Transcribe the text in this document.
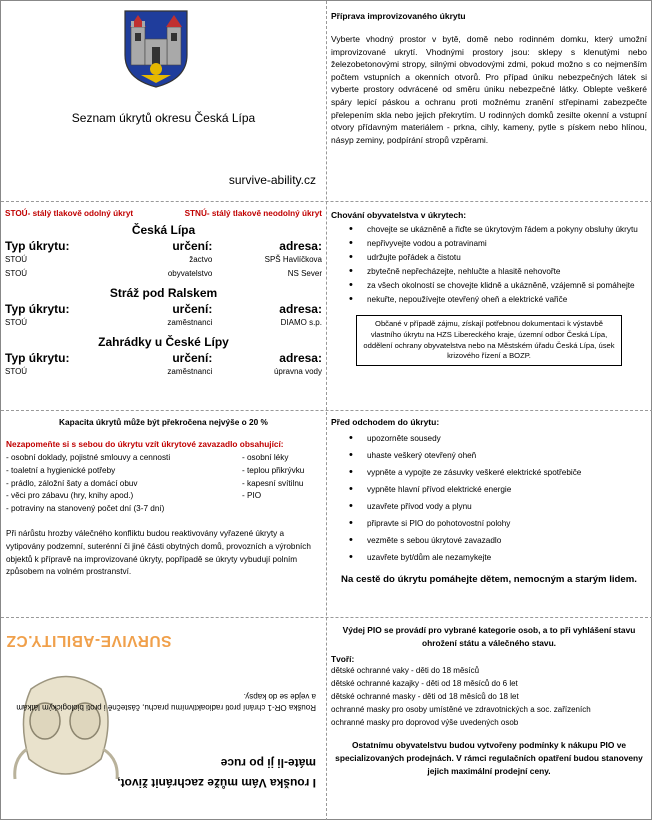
Seznam úkrytů okresu Česká Lípa
survive-ability.cz
Příprava improvizovaného úkrytu

Vyberte vhodný prostor v bytě, domě nebo rodinném domku, který umožní improvizované ukrytí. Vhodnými prostory jsou: sklepy s klenutými nebo železobetonovými stropy, silnými obvodovými zdmi, pokud možno s co nejmenším počtem vstupních a okenních otvorů. Pro případ úniku nebezpečných látek si vyberte prostory odvrácené od směru úniku nebezpečné látky. Oblepte veškeré spáry lepicí páskou a ochranu proti možnému zranění střepinami zabezpečte přelepením skla nebo jejich překrytím. U rodinných domků zesilte okenní a vstupní otvory přídavným materiálem - prkna, cihly, kameny, pytle s pískem nebo hlínou, násyp zeminy, podpírání stropů vzpěrami.

STOÚ- stálý tlakově odolný úkryt	STNÚ- stálý tlakově neodolný úkryt
Česká Lípa
Typ úkrytu:	určení:	adresa:
STOÚ	žactvo	SPŠ Havlíčkova
STOÚ	obyvatelstvo	NS Sever
Stráž pod Ralskem
Typ úkrytu:	určení:	adresa:
STOÚ	zaměstnanci	DIAMO s.p.
Zahrádky u České Lípy
Typ úkrytu:	určení:	adresa:
STOÚ	zaměstnanci	úpravna vody
Chování obyvatelstva v úkrytech:
• chovejte se ukázněně a řiďte se úkrytovým řádem a pokyny obsluhy úkrytu
• nepřivyvejte vodou a potravinami
• udržujte pořádek a čistotu
• zbytečně nepřecházejte, nehlučte a hlasitě nehovořte
• za všech okolností se chovejte klidně a ukázněně, vzájemně si pomáhejte
• nekuřte, nepoužívejte otevřený oheň a elektrické vařiče
Občané v případě zájmu, získají potřebnou dokumentaci k výstavbě vlastního úkrytu na HZS Libereckého kraje, územní odbor Česká Lípa, oddělení ochrany obyvatelstva nebo na Městském úřadu Česká Lípa, úsek krizového řízení a BOZP.
Kapacita úkrytů může být překročena nejvýše o 20 %
Nezapomeňte si s sebou do úkrytu vzít úkrytové zavazadlo obsahující:
- osobní doklady, pojistné smlouvy a cennosti	- osobní léky
- toaletní a hygienické potřeby	- teplou přikrývku
- prádlo, záložní šaty a domácí obuv	- kapesní svítilnu
- věci pro zábavu (hry, knihy apod.)	- PIO
- potraviny na stanovený počet dní (3-7 dní)
Při nárůstu hrozby válečného konfliktu budou reaktivovány vyřazené úkryty a vytipovány podzemní, suterénní či jiné části obytných domů, provozních a výrobních objektů k přípravě na improvizované úkryty, popřípadě se úkryty vybudují polním způsobem na volném prostranství.
Před odchodem do úkrytu:
• upozorněte sousedy
• uhaste veškerý otevřený oheň
• vypněte a vypojte ze zásuvky veškeré elektrické spotřebiče
• vypněte hlavní přívod elektrické energie
• uzavřete přívod vody a plynu
• připravte si PIO do pohotovostní polohy
• vezměte s sebou úkrytové zavazadlo
• uzavřete byt/dům ale nezamykejte
Na cestě do úkrytu pomáhejte dětem, nemocným a starým lidem.
I rouška Vám může zachránit život,
máte-li ji po ruce
Rouška OR-1 chrání proti radioaktivnímu prachu, částečně i proti biologickým látkám a vejde se do kapsy.
SURVIVE-ABILITY.CZ
Výdej PIO se provádí pro vybrané kategorie osob, a to při vyhlášení stavu ohrožení státu a válečného stavu.
Tvoří:
dětské ochranné vaky - děti do 18 měsíců
dětské ochranné kazajky - děti od 18 měsíců do 6 let
dětské ochranné masky - děti od 18 měsíců do 18 let
ochranné masky pro osoby umístěné ve zdravotnických a soc. zařízeních
ochranné masky pro doprovod výše uvedených osob
Ostatnímu obyvatelstvu budou vytvořeny podmínky k nákupu PIO ve specializovaných prodejnách. V rámci regulačních opatření budou stanoveny jejich maximální prodejní ceny.
